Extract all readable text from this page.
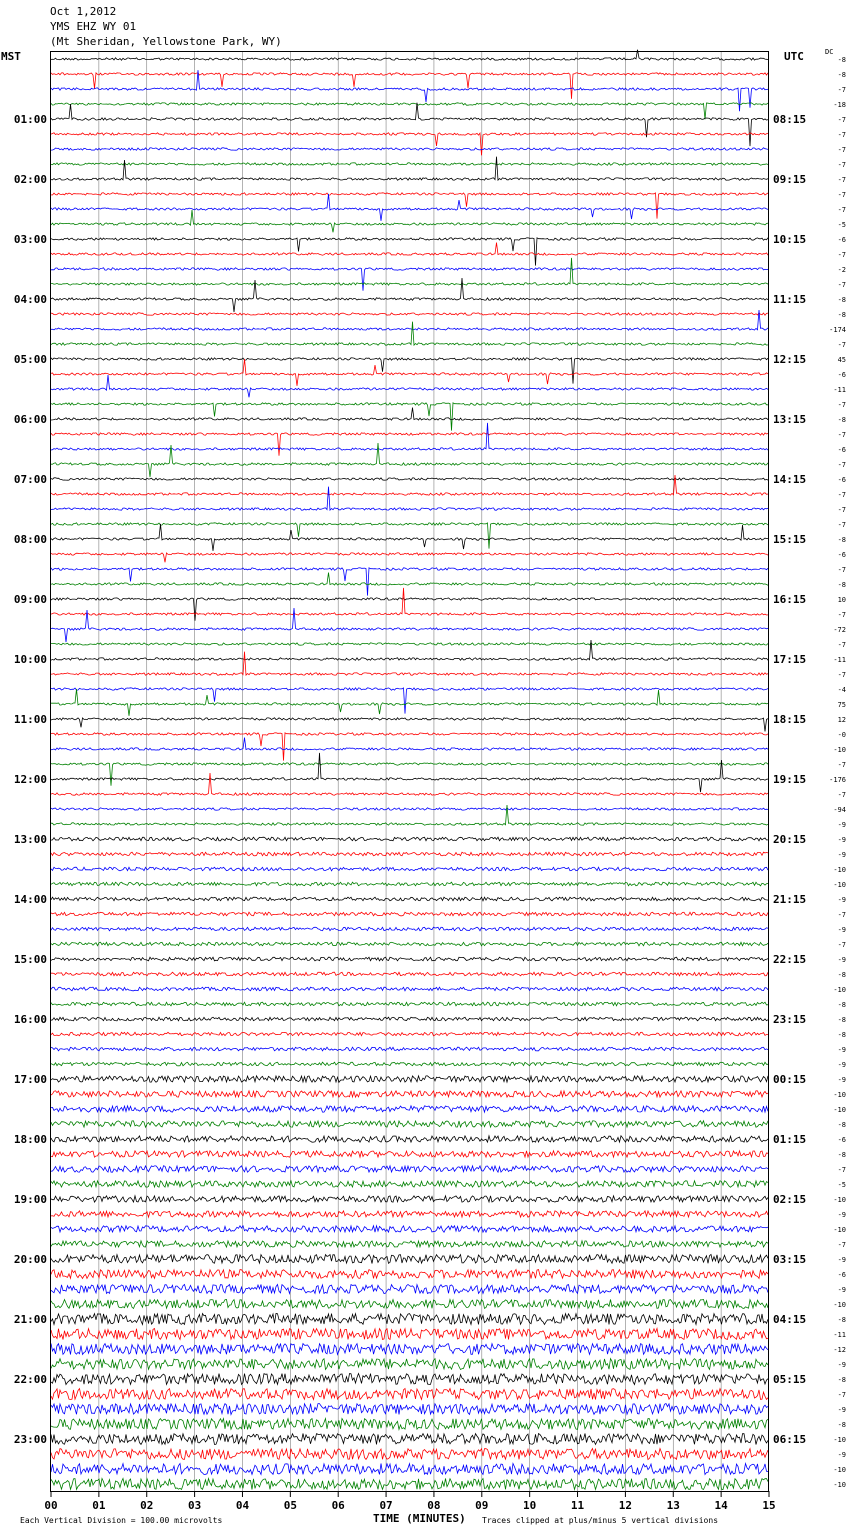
00	01	02	03	04	05	06	07	08	09	10	11	12	13	14	15
01:00
02:00
03:00
04:00
05:00
06:00
07:00
08:00
09:00
10:00
11:00
12:00
13:00
14:00
15:00
16:00
17:00
18:00
19:00
20:00
21:00
22:00
23:00
08:15
09:15
10:15
11:15
12:15
13:15
14:15
15:15
16:15
17:15
18:15
19:15
20:15
21:15
22:15
23:15
00:15
01:15
02:15
03:15
04:15
05:15
06:15
-8
-8
-7
-18
-7
-7
-7
-7
-7
-7
-7
-5
-6
-7
-2
-7
-8
-8
-174
-7
45
-6
-11
-7
-8
-7
-6
-7
-6
-7
-7
-7
-8
-6
-7
-8
10
-7
-72
-7
-11
-7
-4
75
12
-0
-10
-7
-176
-7
-94
-9
-9
-9
-10
-10
-9
-7
-9
-7
-9
-8
-10
-8
-8
-8
-9
-9
-9
-10
-10
-8
-6
-8
-7
-5
-10
-9
-10
-7
-9
-6
-9
-10
-8
-11
-12
-9
-8
-7
-9
-8
-10
-9
-10
-10
Oct 1,2012
YMS EHZ WY 01
(Mt Sheridan, Yellowstone Park, WY)
MST	UTC	DC
Each Vertical Division = 100.00 microvolts	TIME (MINUTES) Traces clipped at plus/minus 5 vertical divisions
